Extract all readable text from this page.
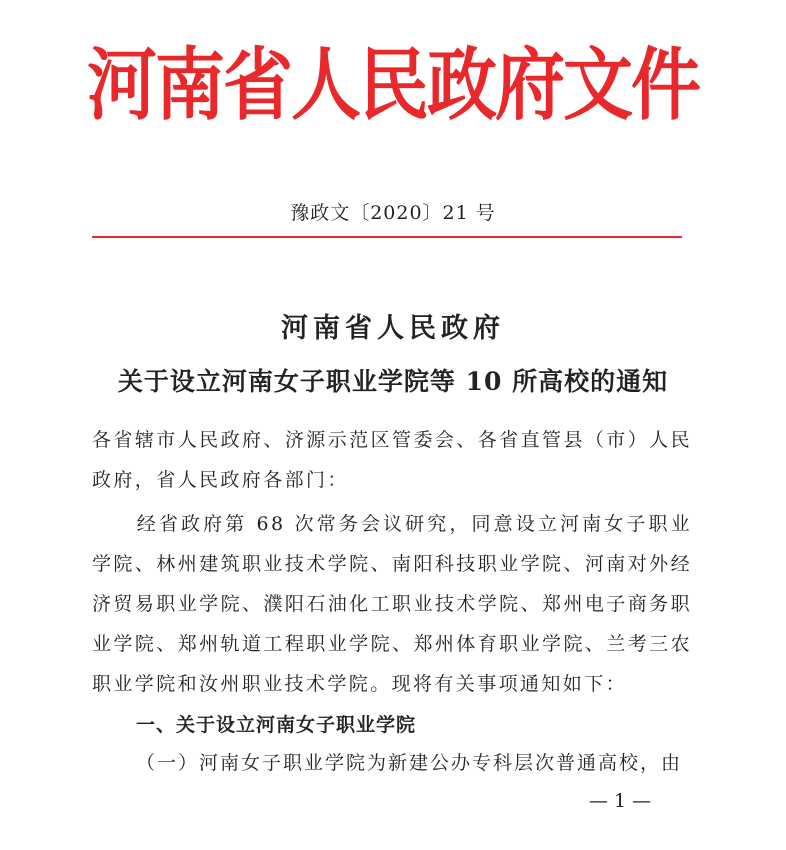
河南省人民政府文件
豫政文〔2020〕21 号
河南省人民政府
关于设立河南女子职业学院等 10 所高校的通知
各省辖市人民政府、济源示范区管委会、各省直管县（市）人民政府，省人民政府各部门：
经省政府第 68 次常务会议研究，同意设立河南女子职业学院、林州建筑职业技术学院、南阳科技职业学院、河南对外经济贸易职业学院、濮阳石油化工职业技术学院、郑州电子商务职业学院、郑州轨道工程职业学院、郑州体育职业学院、兰考三农职业学院和汝州职业技术学院。现将有关事项通知如下：
一、关于设立河南女子职业学院
（一）河南女子职业学院为新建公办专科层次普通高校，由
— 1 —
